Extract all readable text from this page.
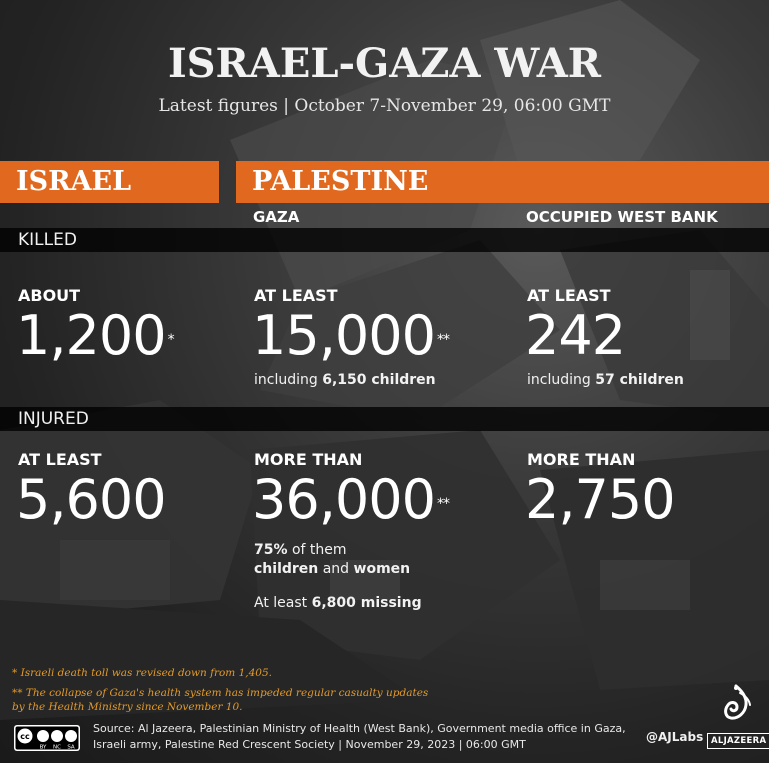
ISRAEL-GAZA WAR
Latest figures | October 7-November 29, 06:00 GMT
ISRAEL	PALESTINE
GAZA	OCCUPIED WEST BANK
KILLED
ABOUT
1,200 *
AT LEAST
15,000 **
including 6,150 children
AT LEAST
242
including 57 children
INJURED
AT LEAST
5,600
MORE THAN
36,000 **
75% of them
children and women
At least 6,800 missing
MORE THAN
2,750
* Israeli death toll was revised down from 1,405.
** The collapse of Gaza's health system has impeded regular casualty updates
by the Health Ministry since November 10.
cc
BY NC SA
Source: Al Jazeera, Palestinian Ministry of Health (West Bank), Government media office in Gaza,
Israeli army, Palestine Red Crescent Society | November 29, 2023 | 06:00 GMT
@AJLabs ALJAZEERA
